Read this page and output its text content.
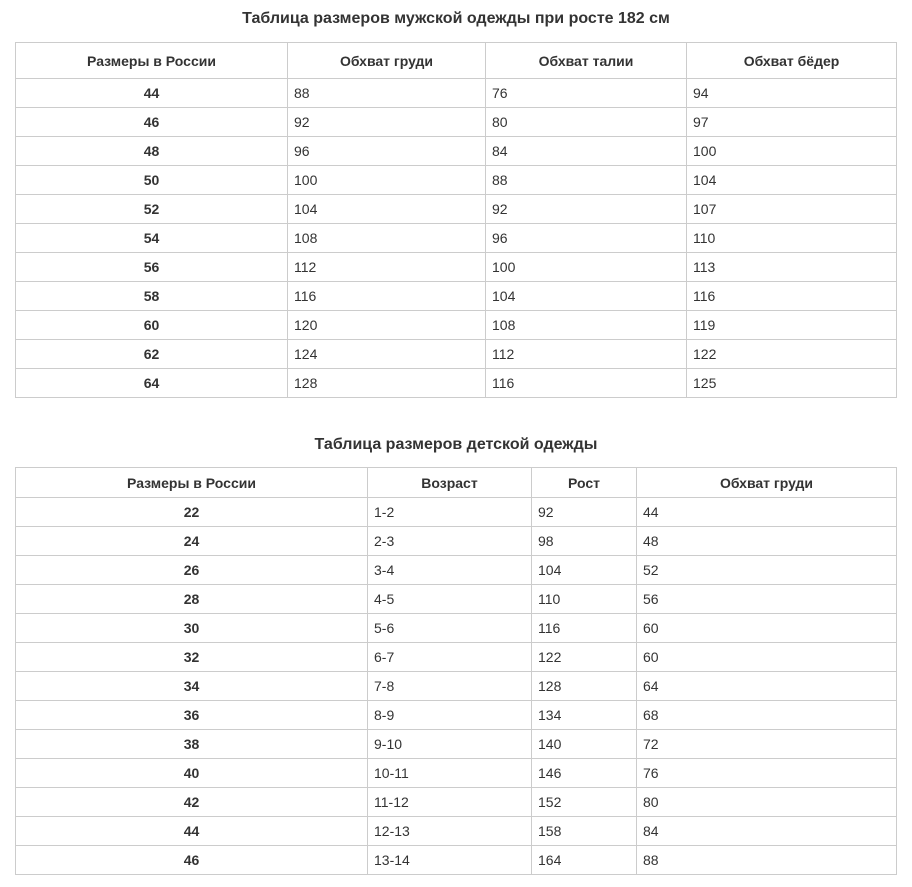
Таблица размеров мужской одежды при росте 182 см
Размеры в России	Обхват груди	Обхват талии	Обхват бёдер
44	88	76	94
46	92	80	97
48	96	84	100
50	100	88	104
52	104	92	107
54	108	96	110
56	112	100	113
58	116	104	116
60	120	108	119
62	124	112	122
64	128	116	125
Таблица размеров детской одежды
Размеры в России	Возраст	Рост	Обхват груди
22	1-2	92	44
24	2-3	98	48
26	3-4	104	52
28	4-5	110	56
30	5-6	116	60
32	6-7	122	60
34	7-8	128	64
36	8-9	134	68
38	9-10	140	72
40	10-11	146	76
42	11-12	152	80
44	12-13	158	84
46	13-14	164	88
